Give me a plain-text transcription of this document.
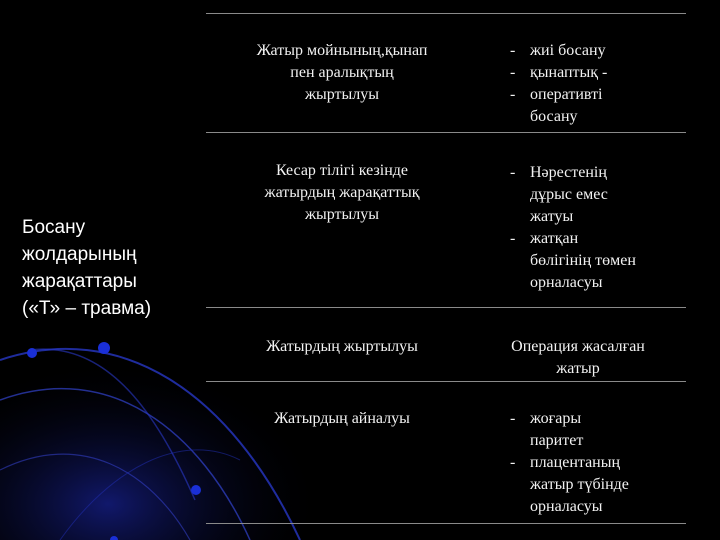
Босану
жолдарының
жарақаттары
(«Т» – травма)
Жатыр мойнының,қынап
пен аралықтың
жыртылуы
- жиі босану
- қынаптық -
- оперативті
босану
Кесар тілігі кезінде
жатырдың жарақаттық
жыртылуы
- Нәрестенің
дұрыс емес
жатуы
- жатқан
бөлігінің төмен
орналасуы
Жатырдың жыртылуы	Операция жасалған
жатыр
Жатырдың айналуы	- жоғары
паритет
- плацентаның
жатыр түбінде
орналасуы
